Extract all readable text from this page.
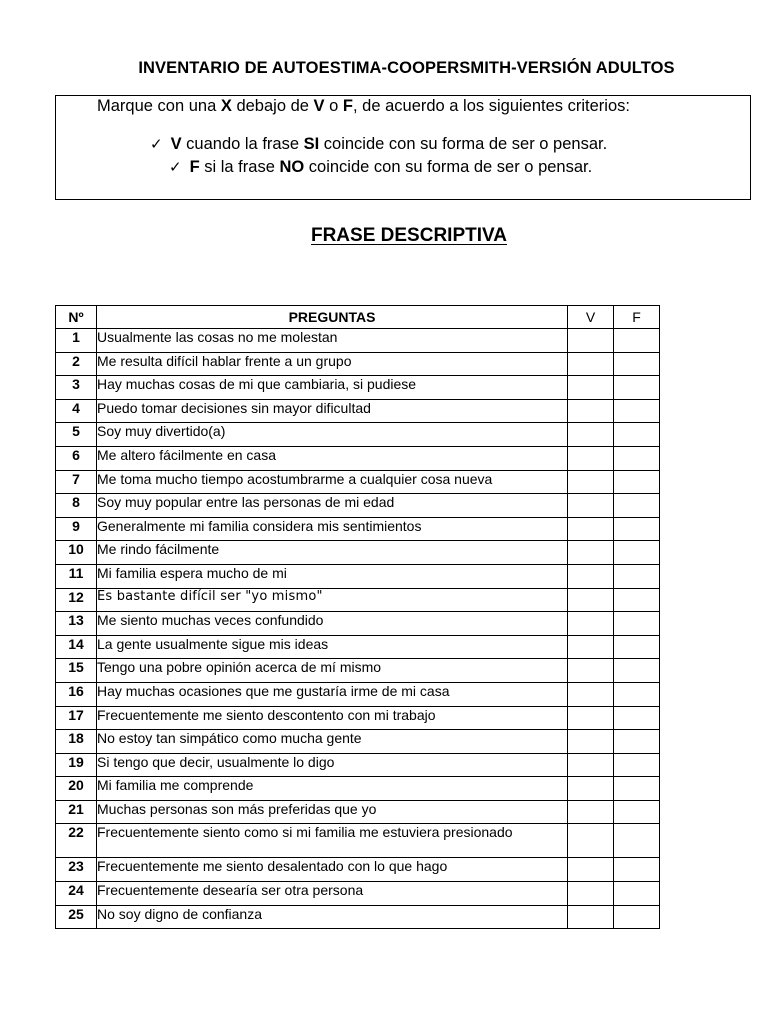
INVENTARIO DE AUTOESTIMA-COOPERSMITH-VERSIÓN ADULTOS
Marque con una X debajo de V o F, de acuerdo a los siguientes criterios:
✓ V cuando la frase SI coincide con su forma de ser o pensar.
✓ F si la frase NO coincide con su forma de ser o pensar.
FRASE DESCRIPTIVA
Nº	PREGUNTAS	V	F
1	Usualmente las cosas no me molestan		
2	Me resulta difícil hablar frente a un grupo		
3	Hay muchas cosas de mi que cambiaria, si pudiese		
4	Puedo tomar decisiones sin mayor dificultad		
5	Soy muy divertido(a)		
6	Me altero fácilmente en casa		
7	Me toma mucho tiempo acostumbrarme a cualquier cosa nueva		
8	Soy muy popular entre las personas de mi edad		
9	Generalmente mi familia considera mis sentimientos		
10	Me rindo fácilmente		
11	Mi familia espera mucho de mi		
12	Es bastante difícil ser "yo mismo"		
13	Me siento muchas veces confundido		
14	La gente usualmente sigue mis ideas		
15	Tengo una pobre opinión acerca de mí mismo		
16	Hay muchas ocasiones que me gustaría irme de mi casa		
17	Frecuentemente me siento descontento con mi trabajo		
18	No estoy tan simpático como mucha gente		
19	Si tengo que decir, usualmente lo digo		
20	Mi familia me comprende		
21	Muchas personas son más preferidas que yo		
22	Frecuentemente siento como si mi familia me estuviera presionado		
23	Frecuentemente me siento desalentado con lo que hago		
24	Frecuentemente desearía ser otra persona		
25	No soy digno de confianza		
